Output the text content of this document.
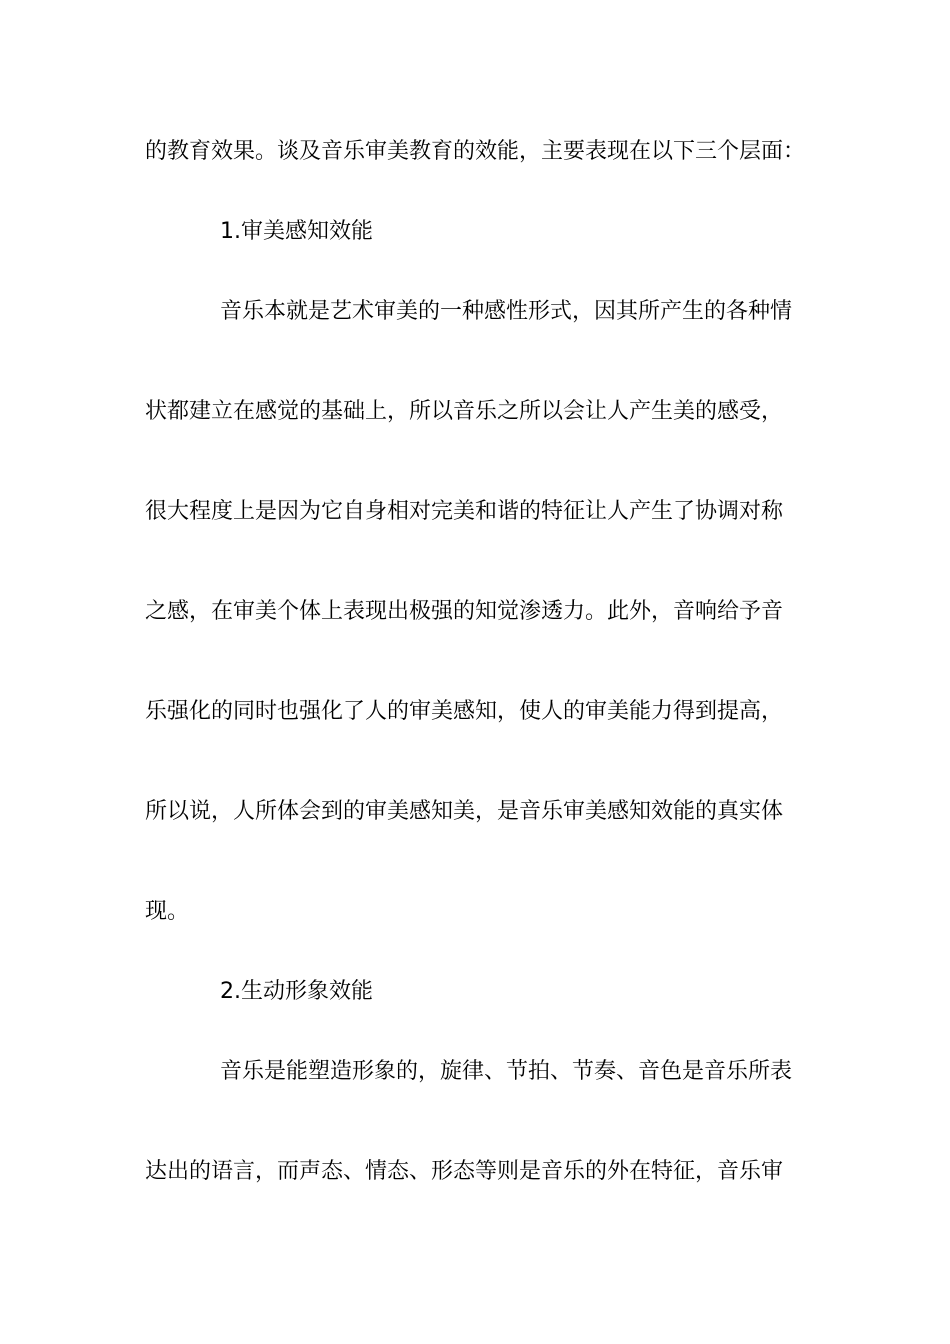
的教育效果。谈及音乐审美教育的效能，主要表现在以下三个层面：
1.审美感知效能
音乐本就是艺术审美的一种感性形式，因其所产生的各种情
状都建立在感觉的基础上，所以音乐之所以会让人产生美的感受，
很大程度上是因为它自身相对完美和谐的特征让人产生了协调对称
之感，在审美个体上表现出极强的知觉渗透力。此外，音响给予音
乐强化的同时也强化了人的审美感知，使人的审美能力得到提高，
所以说，人所体会到的审美感知美，是音乐审美感知效能的真实体
现。
2.生动形象效能
音乐是能塑造形象的，旋律、节拍、节奏、音色是音乐所表
达出的语言，而声态、情态、形态等则是音乐的外在特征，音乐审
